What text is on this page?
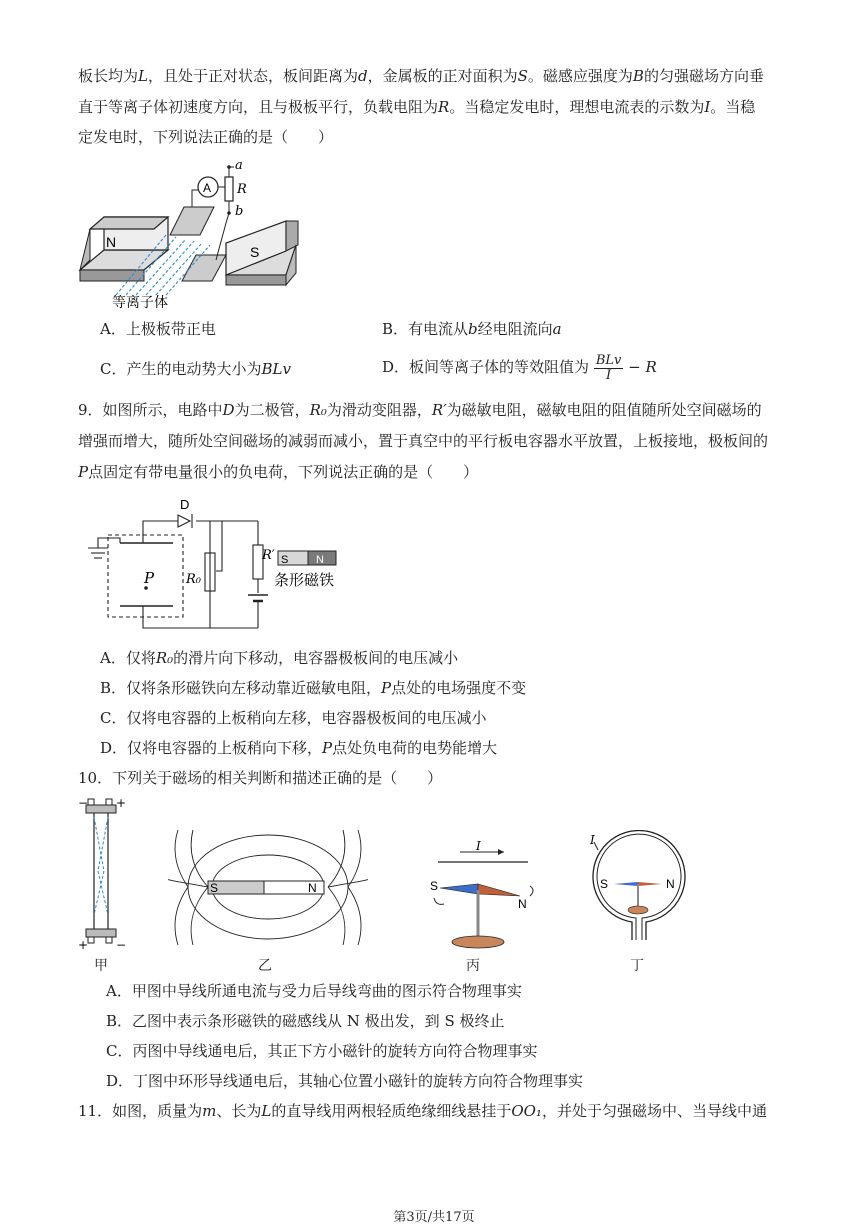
板长均为L，且处于正对状态，板间距离为d，金属板的正对面积为S。磁感应强度为B的匀强磁场方向垂
直于等离子体初速度方向，且与极板平行，负载电阻为R。当稳定发电时，理想电流表的示数为I。当稳
定发电时，下列说法正确的是（　　）
N
S
A
a
R
b
等离子体
A．上极板带正电	B．有电流从b经电阻流向a
C．产生的电动势大小为BLv	D．板间等离子体的等效阻值为 $\frac{\text{BLv}}{I} - R$
9．如图所示，电路中D为二极管，R₀为滑动变阻器，R′为磁敏电阻，磁敏电阻的阻值随所处空间磁场的
增强而增大，随所处空间磁场的减弱而减小，置于真空中的平行板电容器水平放置，上板接地，极板间的
P点固定有带电量很小的负电荷，下列说法正确的是（　　）
S	N
条形磁铁
D
P R₀
R′
A．仅将R₀的滑片向下移动，电容器极板间的电压减小
B．仅将条形磁铁向左移动靠近磁敏电阻，P点处的电场强度不变
C．仅将电容器的上板稍向左移，电容器极板间的电压减小
D．仅将电容器的上板稍向下移，P点处负电荷的电势能增大
10．下列关于磁场的相关判断和描述正确的是（　　）
− +
+ −
甲
S	N
乙
I
S
N
丙
I
S	N
丁
A．甲图中导线所通电流与受力后导线弯曲的图示符合物理事实
B．乙图中表示条形磁铁的磁感线从 N 极出发，到 S 极终止
C．丙图中导线通电后，其正下方小磁针的旋转方向符合物理事实
D．丁图中环形导线通电后，其轴心位置小磁针的旋转方向符合物理事实
11．如图，质量为m、长为L的直导线用两根轻质绝缘细线悬挂于OO₁，并处于匀强磁场中、当导线中通
第3页/共17页
